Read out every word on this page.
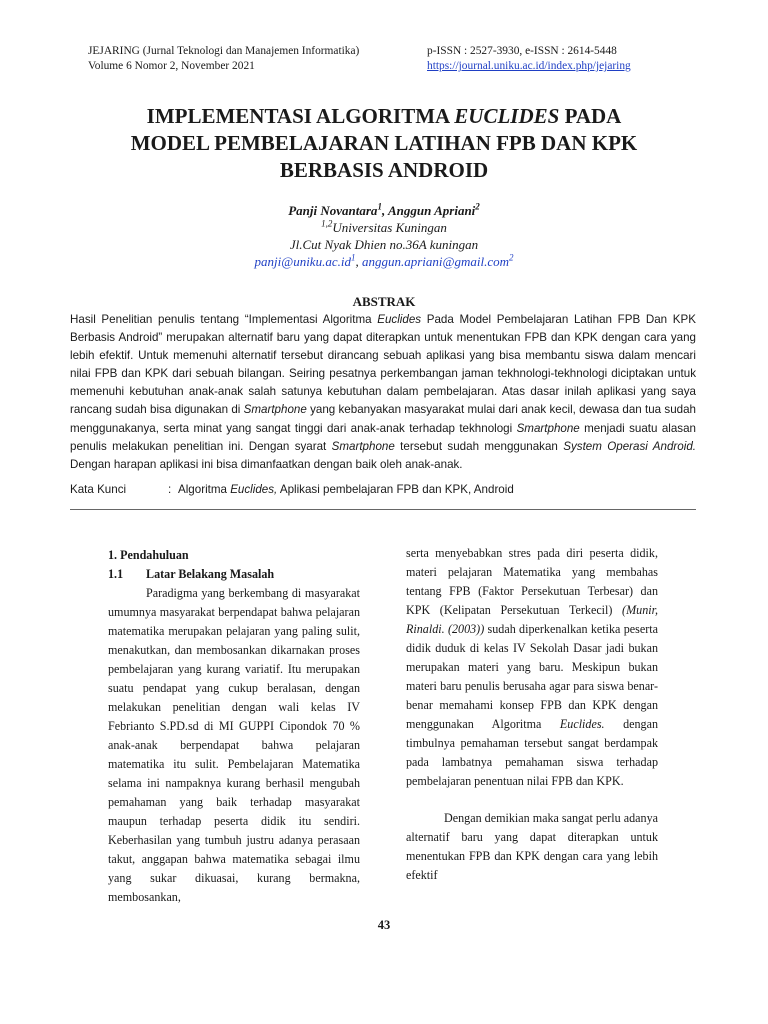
JEJARING (Jurnal Teknologi dan Manajemen Informatika)
Volume 6 Nomor 2, November 2021
p-ISSN : 2527-3930, e-ISSN : 2614-5448
https://journal.uniku.ac.id/index.php/jejaring
IMPLEMENTASI ALGORITMA EUCLIDES PADA
MODEL PEMBELAJARAN LATIHAN FPB DAN KPK
BERBASIS ANDROID
Panji Novantara$^1$, Anggun Apriani$^2$
$^{1,2}$Universitas Kuningan
Jl.Cut Nyak Dhien no.36A kuningan
$panji@uniku.ac.id^1$, anggun.apriani@gmail.com$^2$
ABSTRAK

Hasil Penelitian penulis tentang “Implementasi Algoritma Euclides Pada Model Pembelajaran Latihan FPB Dan KPK Berbasis Android” merupakan alternatif baru yang dapat diterapkan untuk menentukan FPB dan KPK dengan cara yang lebih efektif. Untuk memenuhi alternatif tersebut dirancang sebuah aplikasi yang bisa membantu siswa dalam mencari nilai FPB dan KPK dari sebuah bilangan. Seiring pesatnya perkembangan jaman tekhnologi-tekhnologi diciptakan untuk memenuhi kebutuhan anak-anak salah satunya kebutuhan dalam pembelajaran. Atas dasar inilah aplikasi yang saya rancang sudah bisa digunakan di Smartphone yang kebanyakan masyarakat mulai dari anak kecil, dewasa dan tua sudah menggunakanya, serta minat yang sangat tinggi dari anak-anak terhadap tekhnologi Smartphone menjadi suatu alasan penulis melakukan penelitian ini. Dengan syarat Smartphone tersebut sudah menggunakan System Operasi Android. Dengan harapan aplikasi ini bisa dimanfaatkan dengan baik oleh anak-anak.

Kata Kunci	: Algoritma Euclides, Aplikasi pembelajaran FPB dan KPK, Android

1. Pendahuluan

1.1 Latar Belakang Masalah

Paradigma yang berkembang di masyarakat umumnya masyarakat berpendapat bahwa pelajaran matematika merupakan pelajaran yang paling sulit, menakutkan, dan membosankan dikarnakan proses pembelajaran yang kurang variatif. Itu merupakan suatu pendapat yang cukup beralasan, dengan melakukan penelitian dengan wali kelas IV Febrianto S.PD.sd di MI GUPPI Cipondok 70 % anak-anak berpendapat bahwa pelajaran matematika itu sulit. Pembelajaran Matematika selama ini nampaknya kurang berhasil mengubah pemahaman yang baik terhadap masyarakat maupun terhadap peserta didik itu sendiri. Keberhasilan yang tumbuh justru adanya perasaan takut, anggapan bahwa matematika sebagai ilmu yang sukar dikuasai, kurang bermakna, membosankan,

serta menyebabkan stres pada diri peserta didik, materi pelajaran Matematika yang membahas tentang FPB (Faktor Persekutuan Terbesar) dan KPK (Kelipatan Persekutuan Terkecil) (Munir, Rinaldi. (2003)) sudah diperkenalkan ketika peserta didik duduk di kelas IV Sekolah Dasar jadi bukan merupakan materi yang baru. Meskipun bukan materi baru penulis berusaha agar para siswa benar-benar memahami konsep FPB dan KPK dengan menggunakan Algoritma Euclides. dengan timbulnya pemahaman tersebut sangat berdampak pada lambatnya pemahaman siswa terhadap pembelajaran penentuan nilai FPB dan KPK.

Dengan demikian maka sangat perlu adanya alternatif baru yang dapat diterapkan untuk menentukan FPB dan KPK dengan cara yang lebih efektif

43
